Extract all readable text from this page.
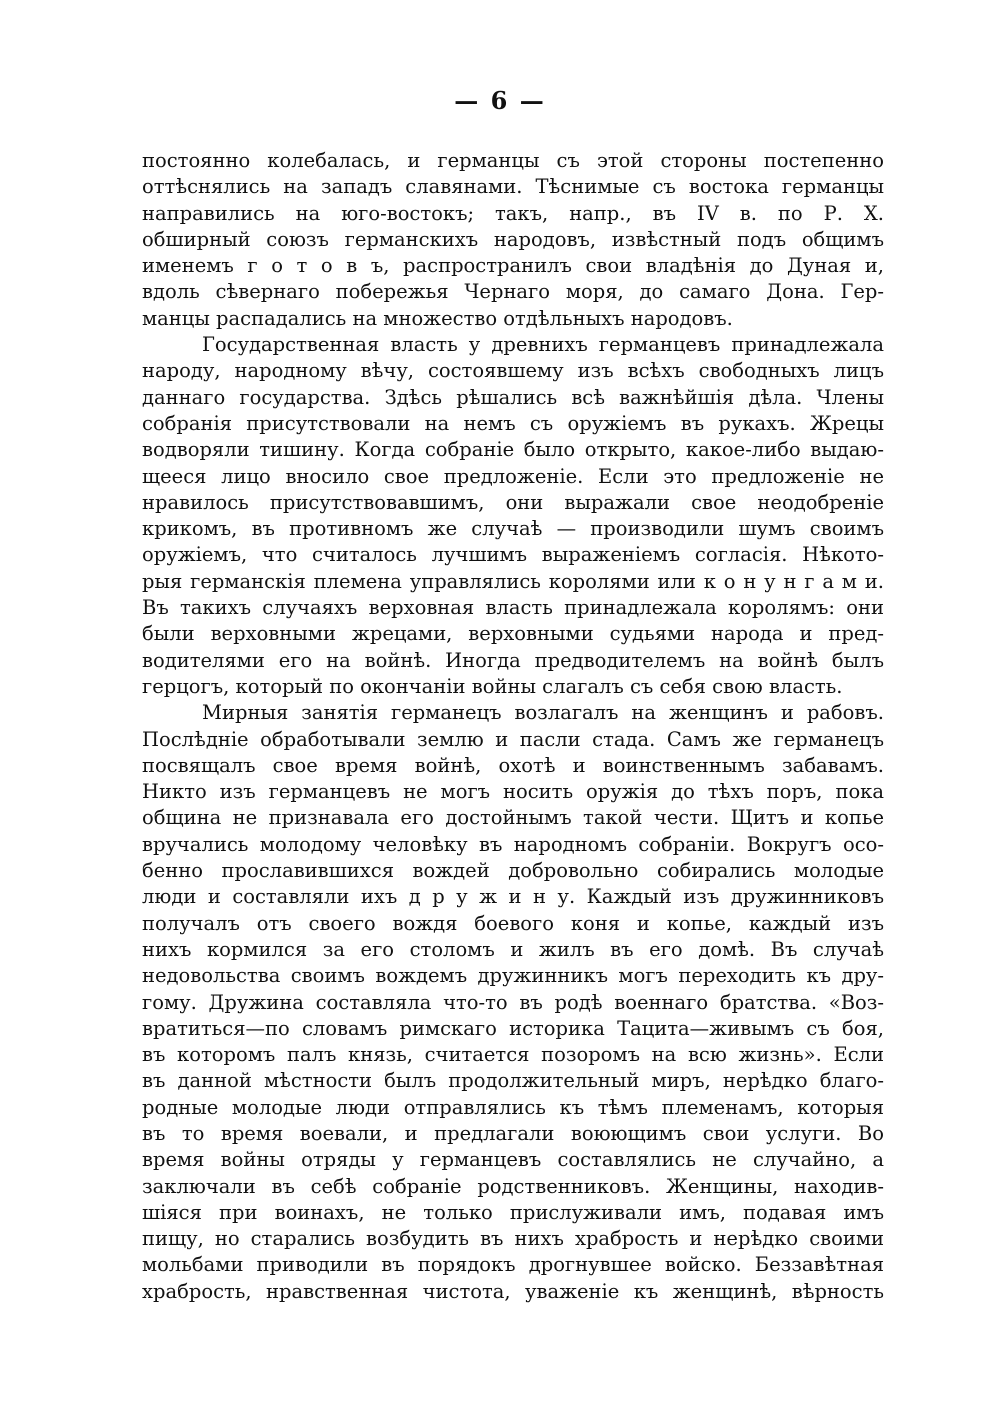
— 6 —
постоянно колебалась, и германцы съ этой стороны постепенно
оттѣснялись на западъ славянами. Тѣснимые съ востока германцы
направились на юго-востокъ; такъ, напр., въ IV в. по Р. Х.
обширный союзъ германскихъ народовъ, извѣстный подъ общимъ
именемъ г о т о в ъ, распространилъ свои владѣнія до Дуная и,
вдоль сѣвернаго побережья Чернаго моря, до самаго Дона. Гер-
манцы распадались на множество отдѣльныхъ народовъ.
Государственная власть у древнихъ германцевъ принадлежала
народу, народному вѣчу, состоявшему изъ всѣхъ свободныхъ лицъ
даннаго государства. Здѣсь рѣшались всѣ важнѣйшія дѣла. Члены
собранія присутствовали на немъ съ оружіемъ въ рукахъ. Жрецы
водворяли тишину. Когда собраніе было открыто, какое-либо выдаю-
щееся лицо вносило свое предложеніе. Если это предложеніе не
нравилось присутствовавшимъ, они выражали свое неодобреніе
крикомъ, въ противномъ же случаѣ — производили шумъ своимъ
оружіемъ, что считалось лучшимъ выраженіемъ согласія. Нѣкото-
рыя германскія племена управлялись королями или к о н у н г а м и.
Въ такихъ случаяхъ верховная власть принадлежала королямъ: они
были верховными жрецами, верховными судьями народа и пред-
водителями его на войнѣ. Иногда предводителемъ на войнѣ былъ
герцогъ, который по окончаніи войны слагалъ съ себя свою власть.
Мирныя занятія германецъ возлагалъ на женщинъ и рабовъ.
Послѣдніе обработывали землю и пасли стада. Самъ же германецъ
посвящалъ свое время войнѣ, охотѣ и воинственнымъ забавамъ.
Никто изъ германцевъ не могъ носить оружія до тѣхъ поръ, пока
община не признавала его достойнымъ такой чести. Щитъ и копье
вручались молодому человѣку въ народномъ собраніи. Вокругъ осо-
бенно прославившихся вождей добровольно собирались молодые
люди и составляли ихъ д р у ж и н у. Каждый изъ дружинниковъ
получалъ отъ своего вождя боевого коня и копье, каждый изъ
нихъ кормился за его столомъ и жилъ въ его домѣ. Въ случаѣ
недовольства своимъ вождемъ дружинникъ могъ переходить къ дру-
гому. Дружина составляла что-то въ родѣ военнаго братства. «Воз-
вратиться—по словамъ римскаго историка Тацита—живымъ съ боя,
въ которомъ палъ князь, считается позоромъ на всю жизнь». Если
въ данной мѣстности былъ продолжительный миръ, нерѣдко благо-
родные молодые люди отправлялись къ тѣмъ племенамъ, которыя
въ то время воевали, и предлагали воюющимъ свои услуги. Во
время войны отряды у германцевъ составлялись не случайно, а
заключали въ себѣ собраніе родственниковъ. Женщины, находив-
шіяся при воинахъ, не только прислуживали имъ, подавая имъ
пищу, но старались возбудить въ нихъ храбрость и нерѣдко своими
мольбами приводили въ порядокъ дрогнувшее войско. Беззавѣтная
храбрость, нравственная чистота, уваженіе къ женщинѣ, вѣрность
